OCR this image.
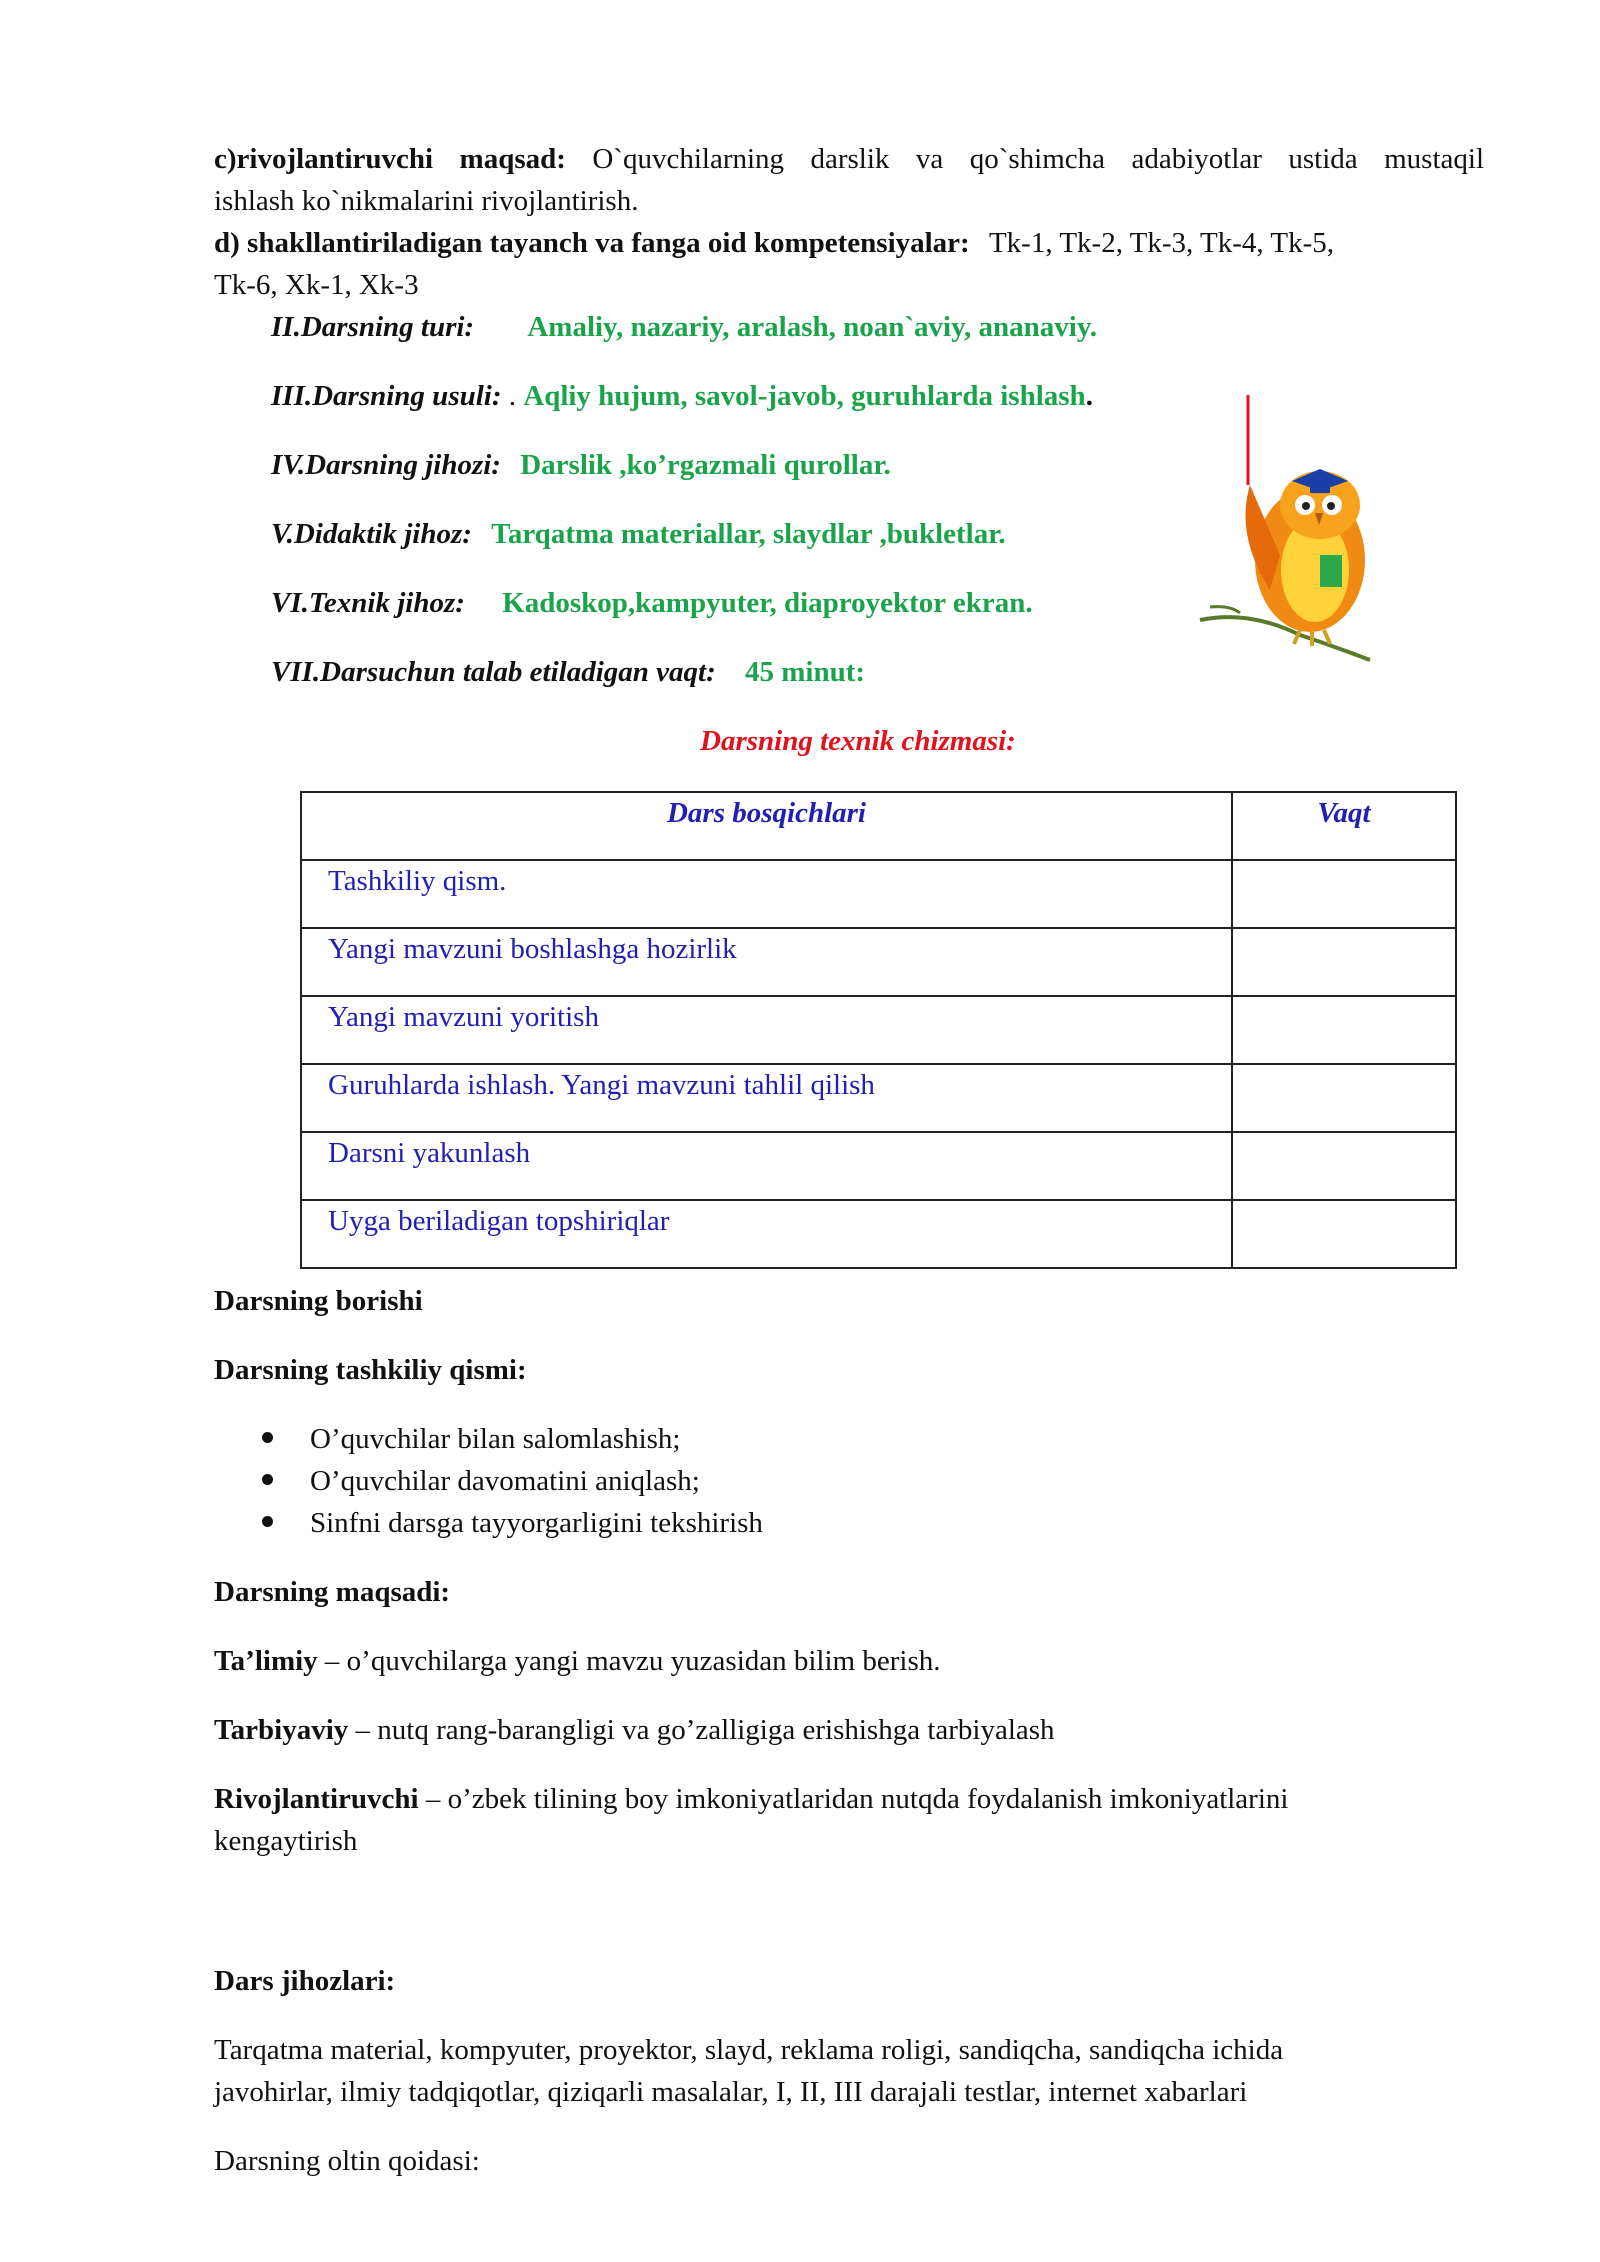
c)rivojlantiruvchi maqsad: O`quvchilarning darslik va qo`shimcha adabiyotlar ustida mustaqil
ishlash ko`nikmalarini rivojlantirish.
d) shakllantiriladigan tayanch va fanga oid kompetensiyalar: Tk-1, Tk-2, Tk-3, Tk-4, Tk-5,
Tk-6, Xk-1, Xk-3
II.Darsning turi: Amaliy, nazariy, aralash, noan`aviy, ananaviy.
III.Darsning usuli: . Aqliy hujum, savol-javob, guruhlarda ishlash.
IV.Darsning jihozi: Darslik ,ko’rgazmali qurollar.
V.Didaktik jihoz: Tarqatma materiallar, slaydlar ,bukletlar.
VI.Texnik jihoz: Kadoskop,kampyuter, diaproyektor ekran.
VII.Darsuchun talab etiladigan vaqt: 45 minut:
Darsning texnik chizmasi:
Dars bosqichlari	Vaqt
Tashkiliy qism.	
Yangi mavzuni boshlashga hozirlik	
Yangi mavzuni yoritish	
Guruhlarda ishlash. Yangi mavzuni tahlil qilish	
Darsni yakunlash	
Uyga beriladigan topshiriqlar	
Darsning borishi
Darsning tashkiliy qismi:
O’quvchilar bilan salomlashish;
O’quvchilar davomatini aniqlash;
Sinfni darsga tayyorgarligini tekshirish
Darsning maqsadi:
Ta’limiy – o’quvchilarga yangi mavzu yuzasidan bilim berish.
Tarbiyaviy – nutq rang-barangligi va go’zalligiga erishishga tarbiyalash
Rivojlantiruvchi – o’zbek tilining boy imkoniyatlaridan nutqda foydalanish imkoniyatlarini
kengaytirish
Dars jihozlari:
Tarqatma material, kompyuter, proyektor, slayd, reklama roligi, sandiqcha, sandiqcha ichida
javohirlar, ilmiy tadqiqotlar, qiziqarli masalalar, I, II, III darajali testlar, internet xabarlari
Darsning oltin qoidasi:
